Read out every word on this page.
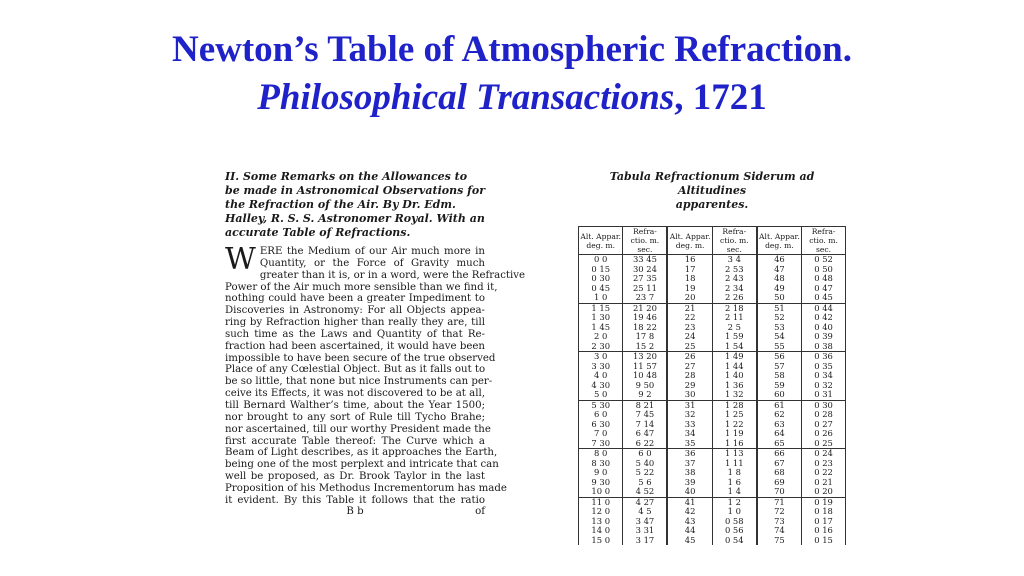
Newton’s Table of Atmospheric Refraction.
Philosophical Transactions, 1721
II. Some Remarks on the Allowances to be made in Astronomical Observations for the Refraction of the Air. By Dr. Edm. Halley, R. S. S. Astronomer Royal. With an accurate Table of Refractions.
W ERE the Medium of our Air much more in
Quantity, or the Force of Gravity much
greater than it is, or in a word, were the Refractive
Power of the Air much more sensible than we find it,
nothing could have been a greater Impediment to
Discoveries in Astronomy: For all Objects appea-
ring by Refraction higher than really they are, till
such time as the Laws and Quantity of that Re-
fraction had been ascertained, it would have been
impossible to have been secure of the true observed
Place of any Cœlestial Object. But as it falls out to
be so little, that none but nice Instruments can per-
ceive its Effects, it was not discovered to be at all,
till Bernard Walther’s time, about the Year 1500;
nor brought to any sort of Rule till Tycho Brahe;
nor ascertained, till our worthy President made the
first accurate Table thereof: The Curve which a
Beam of Light describes, as it approaches the Earth,
being one of the most perplext and intricate that can
well be proposed, as Dr. Brook Taylor in the last
Proposition of his Methodus Incrementorum has made
it evident. By this Table it follows that the ratio
B b	of
Tabula Refractionum Siderum ad Altitudines
apparentes.
Alt. Appar. deg. m.	Refra- ctio. m. sec.	Alt. Appar. deg. m.	Refra- ctio. m. sec.	Alt. Appar. deg. m.	Refra- ctio. m. sec.
0 0	33 45	16	3 4	46	0 52
0 15	30 24	17	2 53	47	0 50
0 30	27 35	18	2 43	48	0 48
0 45	25 11	19	2 34	49	0 47
1 0	23 7	20	2 26	50	0 45
1 15	21 20	21	2 18	51	0 44
1 30	19 46	22	2 11	52	0 42
1 45	18 22	23	2 5	53	0 40
2 0	17 8	24	1 59	54	0 39
2 30	15 2	25	1 54	55	0 38
3 0	13 20	26	1 49	56	0 36
3 30	11 57	27	1 44	57	0 35
4 0	10 48	28	1 40	58	0 34
4 30	9 50	29	1 36	59	0 32
5 0	9 2	30	1 32	60	0 31
5 30	8 21	31	1 28	61	0 30
6 0	7 45	32	1 25	62	0 28
6 30	7 14	33	1 22	63	0 27
7 0	6 47	34	1 19	64	0 26
7 30	6 22	35	1 16	65	0 25
8 0	6 0	36	1 13	66	0 24
8 30	5 40	37	1 11	67	0 23
9 0	5 22	38	1 8	68	0 22
9 30	5 6	39	1 6	69	0 21
10 0	4 52	40	1 4	70	0 20
11 0	4 27	41	1 2	71	0 19
12 0	4 5	42	1 0	72	0 18
13 0	3 47	43	0 58	73	0 17
14 0	3 31	44	0 56	74	0 16
15 0	3 17	45	0 54	75	0 15
